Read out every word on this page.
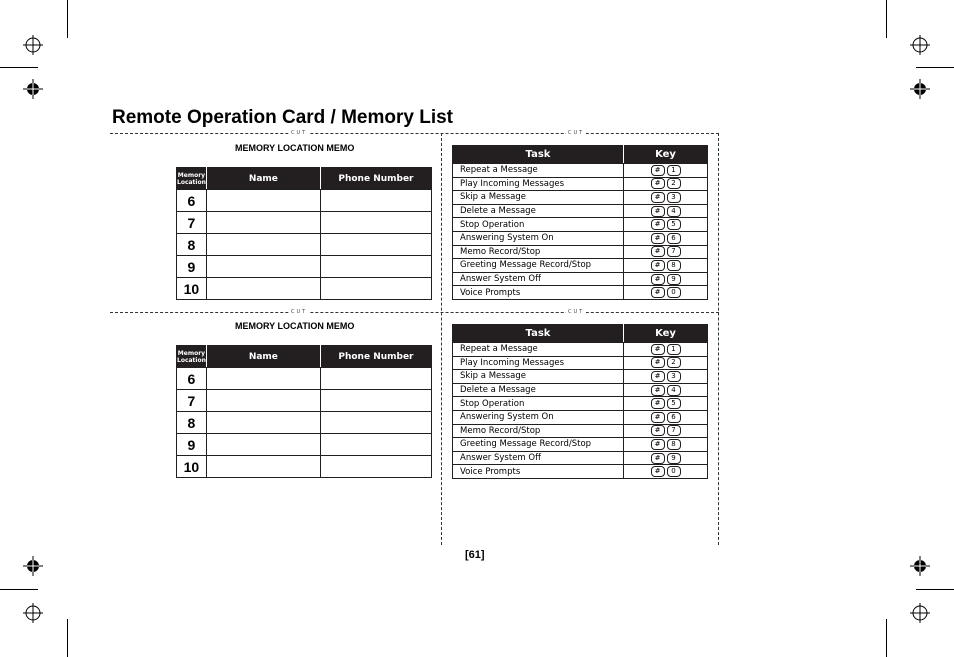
Remote Operation Card / Memory List
CUT	CUT
CUT	CUT
MEMORY LOCATION MEMO
Memory
Location	Name	Phone Number
6		
7		
8		
9		
10		
MEMORY LOCATION MEMO
Memory
Location	Name	Phone Number
6		
7		
8		
9		
10		
Task	Key
Repeat a Message	# 1
Play Incoming Messages	# 2
Skip a Message	# 3
Delete a Message	# 4
Stop Operation	# 5
Answering System On	# 6
Memo Record/Stop	# 7
Greeting Message Record/Stop	# 8
Answer System Off	# 9
Voice Prompts	# 0
Task	Key
Repeat a Message	# 1
Play Incoming Messages	# 2
Skip a Message	# 3
Delete a Message	# 4
Stop Operation	# 5
Answering System On	# 6
Memo Record/Stop	# 7
Greeting Message Record/Stop	# 8
Answer System Off	# 9
Voice Prompts	# 0
[61]
